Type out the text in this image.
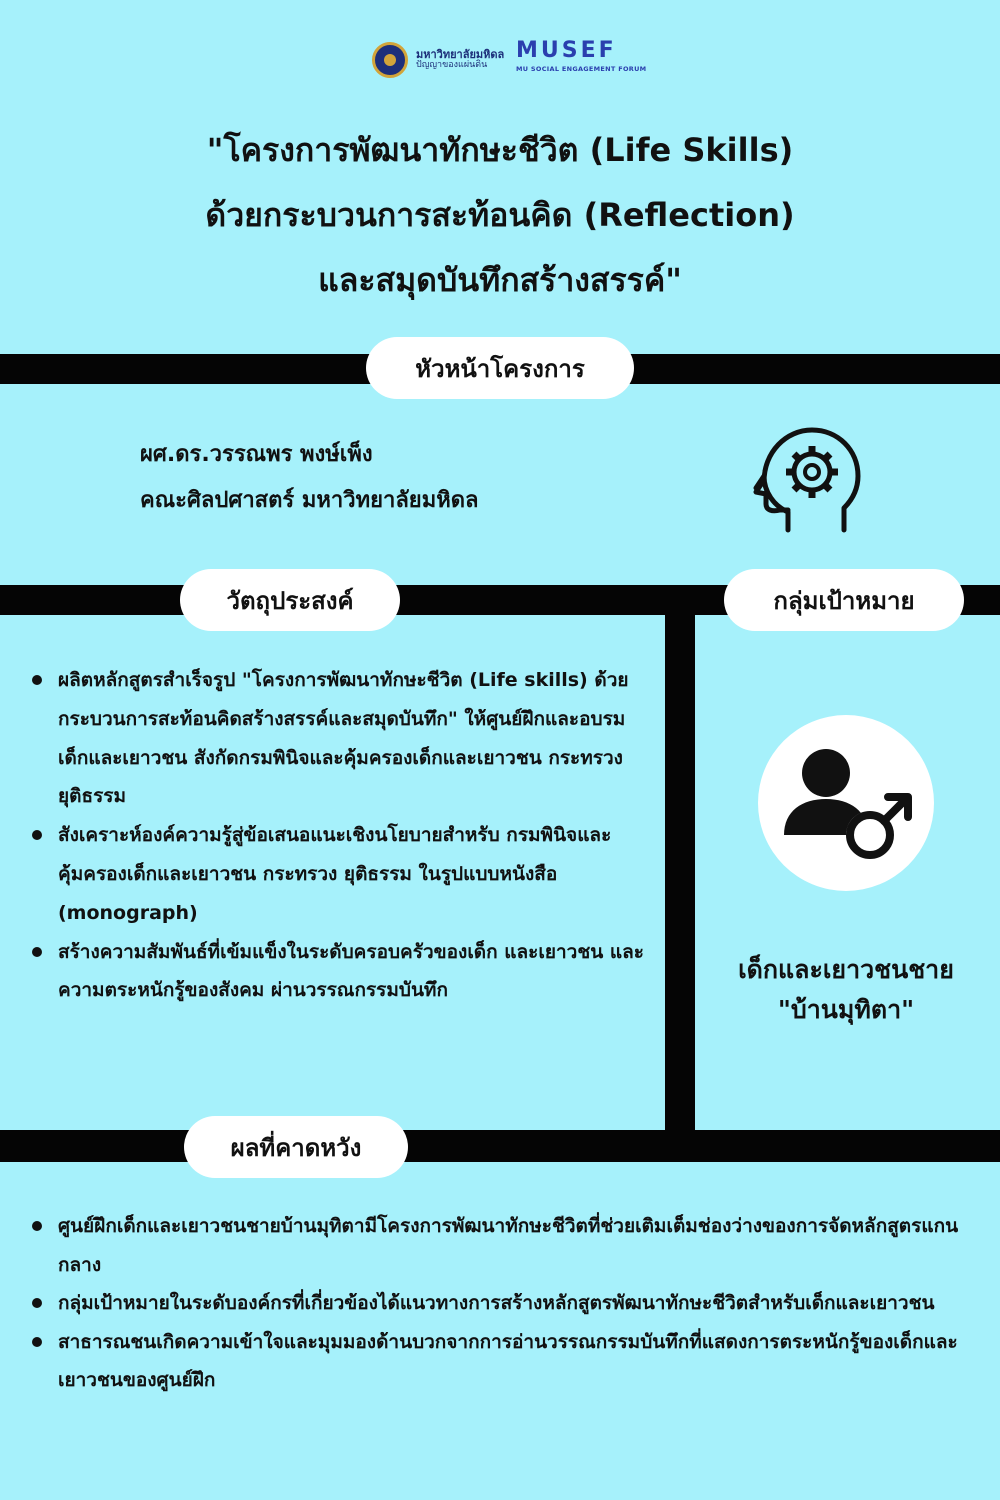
มหาวิทยาลัยมหิดล
ปัญญาของแผ่นดิน
MUSEF
MU SOCIAL ENGAGEMENT FORUM
"โครงการพัฒนาทักษะชีวิต (Life Skills)
ด้วยกระบวนการสะท้อนคิด (Reflection)
และสมุดบันทึกสร้างสรรค์"
หัวหน้าโครงการ
ผศ.ดร.วรรณพร พงษ์เพ็ง
คณะศิลปศาสตร์ มหาวิทยาลัยมหิดล
วัตถุประสงค์
ผลิตหลักสูตรสำเร็จรูป "โครงการพัฒนาทักษะชีวิต (Life skills) ด้วยกระบวนการสะท้อนคิดสร้างสรรค์และสมุดบันทึก" ให้ศูนย์ฝึกและอบรมเด็กและเยาวชน สังกัดกรมพินิจและคุ้มครองเด็กและเยาวชน กระทรวงยุติธรรม
สังเคราะห์องค์ความรู้สู่ข้อเสนอแนะเชิงนโยบายสำหรับ กรมพินิจและคุ้มครองเด็กและเยาวชน กระทรวง ยุติธรรม ในรูปแบบหนังสือ (monograph)
สร้างความสัมพันธ์ที่เข้มแข็งในระดับครอบครัวของเด็ก และเยาวชน และความตระหนักรู้ของสังคม ผ่านวรรณกรรมบันทึก
กลุ่มเป้าหมาย
เด็กและเยาวชนชาย
"บ้านมุทิตา"
ผลที่คาดหวัง
ศูนย์ฝึกเด็กและเยาวชนชายบ้านมุทิตามีโครงการพัฒนาทักษะชีวิตที่ช่วยเติมเต็มช่องว่างของการจัดหลักสูตรแกนกลาง
กลุ่มเป้าหมายในระดับองค์กรที่เกี่ยวข้องได้แนวทางการสร้างหลักสูตรพัฒนาทักษะชีวิตสำหรับเด็กและเยาวชน
สาธารณชนเกิดความเข้าใจและมุมมองด้านบวกจากการอ่านวรรณกรรมบันทึกที่แสดงการตระหนักรู้ของเด็กและเยาวชนของศูนย์ฝึก
